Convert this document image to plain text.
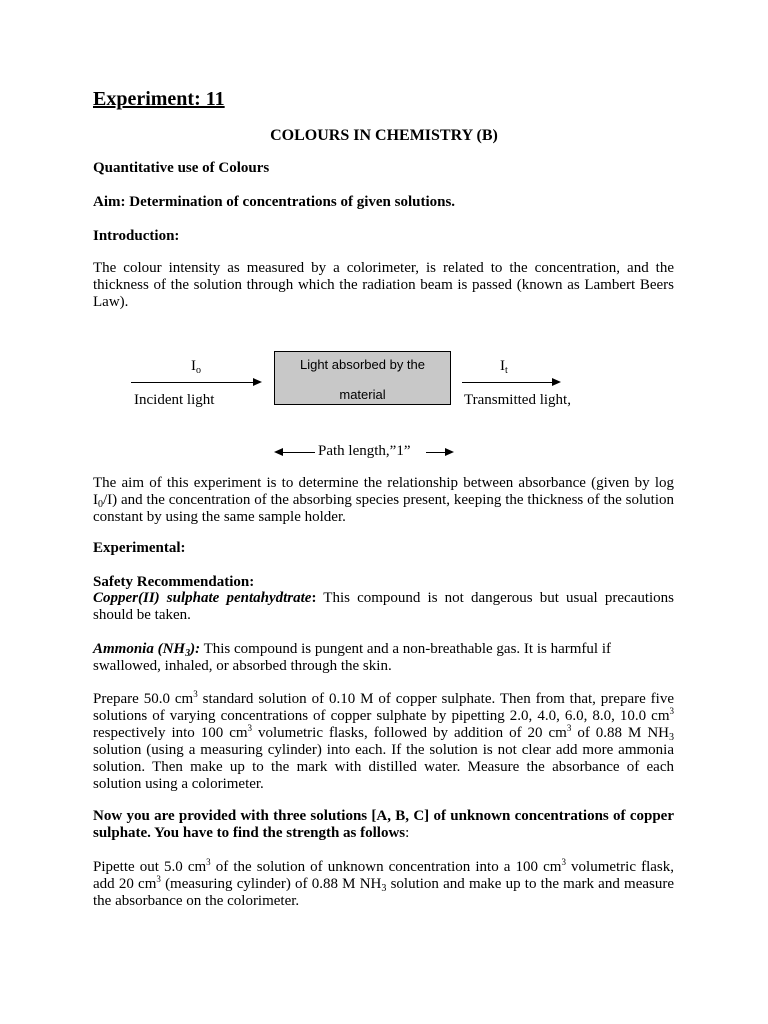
Experiment: 11
COLOURS IN CHEMISTRY (B)
Quantitative use of Colours
Aim: Determination of concentrations of given solutions.
Introduction:
The colour intensity as measured by a colorimeter, is related to the concentration, and the thickness of the solution through which the radiation beam is passed (known as Lambert Beers Law).
$I_o$
Incident light
Light absorbed by the
material
$I_t$
Transmitted light,
Path length,”1”
The aim of this experiment is to determine the relationship between absorbance (given by $\log I_0/I$) and the concentration of the absorbing species present, keeping the thickness of the solution constant by using the same sample holder.
Experimental:
Safety Recommendation:
Copper(II) sulphate pentahydtrate: This compound is not dangerous but usual precautions should be taken.
Ammonia $(NH_3)$: This compound is pungent and a non-breathable gas. It is harmful if swallowed, inhaled, or absorbed through the skin.
Prepare 50.0 $cm^3$ standard solution of 0.10 M of copper sulphate. Then from that, prepare five solutions of varying concentrations of copper sulphate by pipetting 2.0, 4.0, 6.0, 8.0, 10.0 $cm^3$ respectively into 100 $cm^3$ volumetric flasks, followed by addition of 20 $cm^3$ of 0.88 M $NH_3$ solution (using a measuring cylinder) into each. If the solution is not clear add more ammonia solution. Then make up to the mark with distilled water. Measure the absorbance of each solution using a colorimeter.
Now you are provided with three solutions [A, B, C] of unknown concentrations of copper sulphate. You have to find the strength as follows:
Pipette out 5.0 $cm^3$ of the solution of unknown concentration into a 100 $cm^3$ volumetric flask, add 20 $cm^3$ (measuring cylinder) of 0.88 M $NH_3$ solution and make up to the mark and measure the absorbance on the colorimeter.
